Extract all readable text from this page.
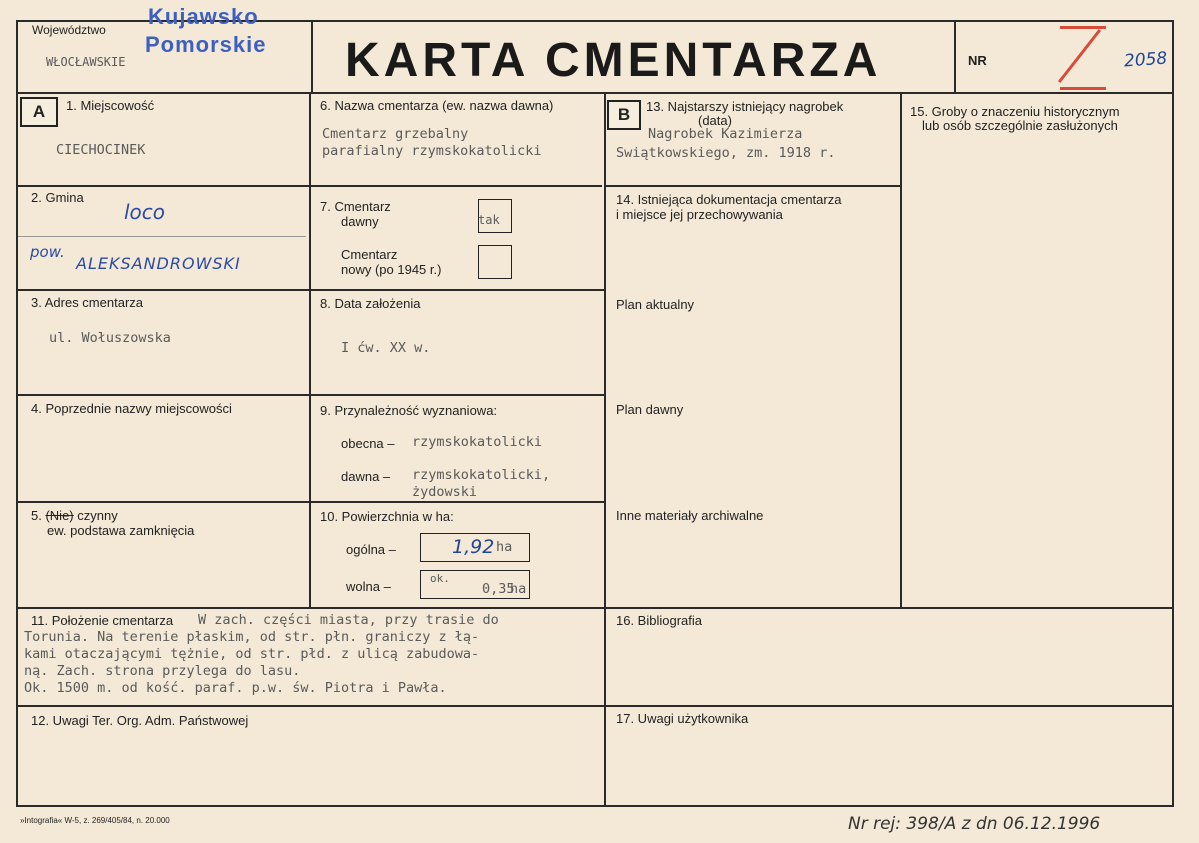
Województwo
WŁOCŁAWSKIE
Kujawsko
Pomorskie KARTA CMENTARZA	NR	2058
A	1. Miejscowość
CIECHOCINEK
2. Gmina
loco
pow.
ALEKSANDROWSKI
3. Adres cmentarza
ul. Wołuszowska
4. Poprzednie nazwy miejscowości
5. (Nie) czynny
ew. podstawa zamknięcia
6. Nazwa cmentarza (ew. nazwa dawna)
Cmentarz grzebalny
parafialny rzymskokatolicki
7. Cmentarz
dawny	tak
Cmentarz
nowy (po 1945 r.)
8. Data założenia
I ćw. XX w.
9. Przynależność wyznaniowa:
obecna – rzymskokatolicki
dawna – rzymskokatolicki,
żydowski
10. Powierzchnia w ha:
ogólna –	1,92 ha
wolna –
ok.
0,35
ha
B	13. Najstarszy istniejący nagrobek
(data)
Nagrobek Kazimierza
Swiątkowskiego, zm. 1918 r.
14. Istniejąca dokumentacja cmentarza
i miejsce jej przechowywania
Plan aktualny
Plan dawny
Inne materiały archiwalne
15. Groby o znaczeniu historycznym
lub osób szczególnie zasłużonych
11. Położenie cmentarza W zach. części miasta, przy trasie do
Torunia. Na terenie płaskim, od str. płn. graniczy z łą-
kami otaczającymi tężnie, od str. płd. z ulicą zabudowa-
ną. Zach. strona przylega do lasu.
Ok. 1500 m. od kość. paraf. p.w. św. Piotra i Pawła.
16. Bibliografia
12. Uwagi Ter. Org. Adm. Państwowej	17. Uwagi użytkownika
»Intografia« W-5, z. 269/405/84, n. 20.000	Nr rej: 398/A z dn 06.12.1996
